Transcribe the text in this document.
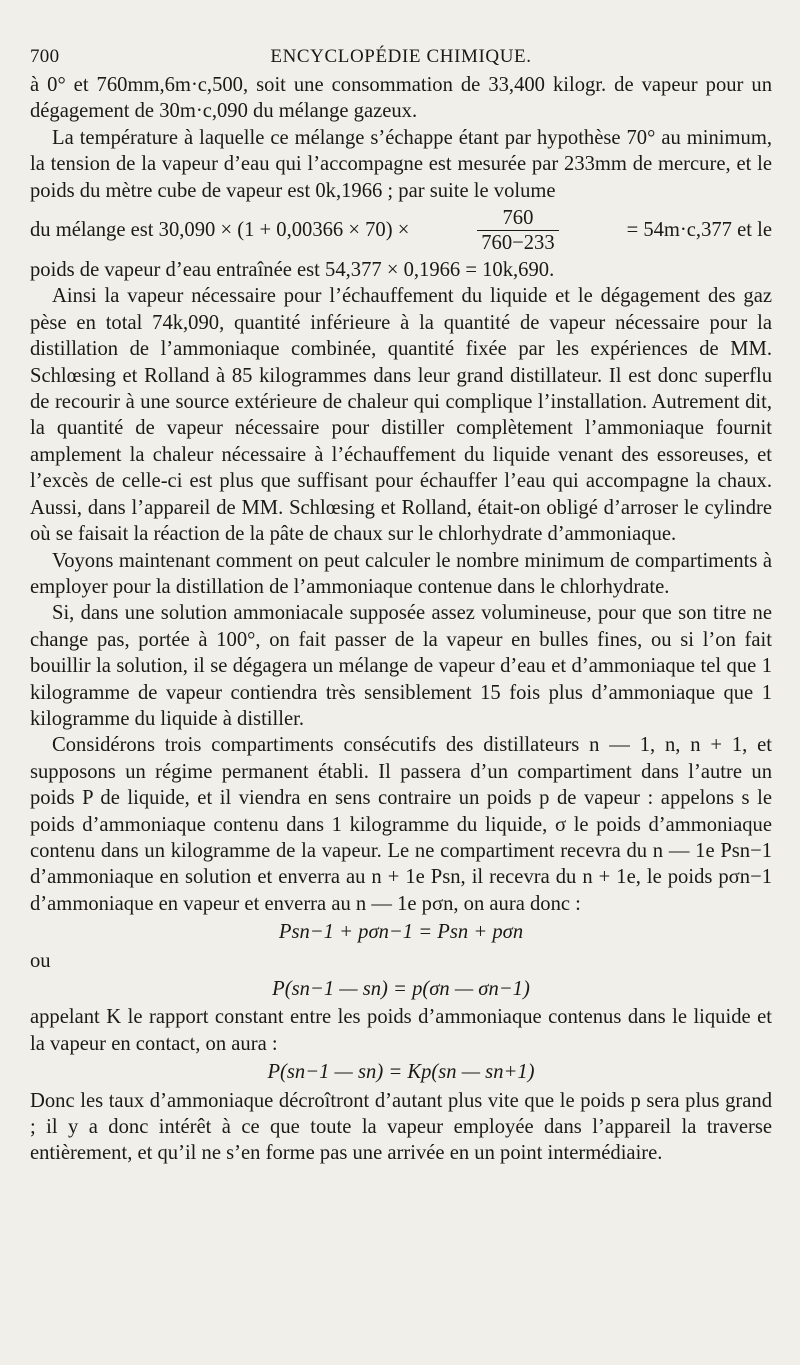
700	ENCYCLOPÉDIE CHIMIQUE.

à 0° et 760mm,6m·c,500, soit une consommation de 33,400 kilogr. de vapeur pour un dégagement de 30m·c,090 du mélange gazeux.

La température à laquelle ce mélange s’échappe étant par hypothèse 70° au minimum, la tension de la vapeur d’eau qui l’accompagne est mesurée par 233mm de mercure, et le poids du mètre cube de vapeur est 0k,1966 ; par suite le volume

du mélange est 30,090 × (1 + 0,00366 × 70) ×	$\frac{760}{760-233}$	= 54m·c,377 et le

poids de vapeur d’eau entraînée est 54,377 × 0,1966 = 10k,690.

Ainsi la vapeur nécessaire pour l’échauffement du liquide et le dégagement des gaz pèse en total 74k,090, quantité inférieure à la quantité de vapeur nécessaire pour la distillation de l’ammoniaque combinée, quantité fixée par les expériences de MM. Schlœsing et Rolland à 85 kilogrammes dans leur grand distillateur. Il est donc superflu de recourir à une source extérieure de chaleur qui complique l’installation. Autrement dit, la quantité de vapeur nécessaire pour distiller complètement l’ammoniaque fournit amplement la chaleur nécessaire à l’échauffement du liquide venant des essoreuses, et l’excès de celle-ci est plus que suffisant pour échauffer l’eau qui accompagne la chaux. Aussi, dans l’appareil de MM. Schlœsing et Rolland, était-on obligé d’arroser le cylindre où se faisait la réaction de la pâte de chaux sur le chlorhydrate d’ammoniaque.

Voyons maintenant comment on peut calculer le nombre minimum de compartiments à employer pour la distillation de l’ammoniaque contenue dans le chlorhydrate.

Si, dans une solution ammoniacale supposée assez volumineuse, pour que son titre ne change pas, portée à 100°, on fait passer de la vapeur en bulles fines, ou si l’on fait bouillir la solution, il se dégagera un mélange de vapeur d’eau et d’ammoniaque tel que 1 kilogramme de vapeur contiendra très sensiblement 15 fois plus d’ammoniaque que 1 kilogramme du liquide à distiller.

Considérons trois compartiments consécutifs des distillateurs n — 1, n, n + 1, et supposons un régime permanent établi. Il passera d’un compartiment dans l’autre un poids P de liquide, et il viendra en sens contraire un poids p de vapeur : appelons s le poids d’ammoniaque contenu dans 1 kilogramme du liquide, σ le poids d’ammoniaque contenu dans un kilogramme de la vapeur. Le ne compartiment recevra du n — 1e Psn−1 d’ammoniaque en solution et enverra au n + 1e Psn, il recevra du n + 1e, le poids pσn−1 d’ammoniaque en vapeur et enverra au n — 1e pσn, on aura donc :

Psn−1 + pσn−1 = Psn + pσn

ou

P(sn−1 — sn) = p(σn — σn−1)

appelant K le rapport constant entre les poids d’ammoniaque contenus dans le liquide et la vapeur en contact, on aura :

P(sn−1 — sn) = Kp(sn — sn+1)

Donc les taux d’ammoniaque décroîtront d’autant plus vite que le poids p sera plus grand ; il y a donc intérêt à ce que toute la vapeur employée dans l’appareil la traverse entièrement, et qu’il ne s’en forme pas une arrivée en un point intermédiaire.
